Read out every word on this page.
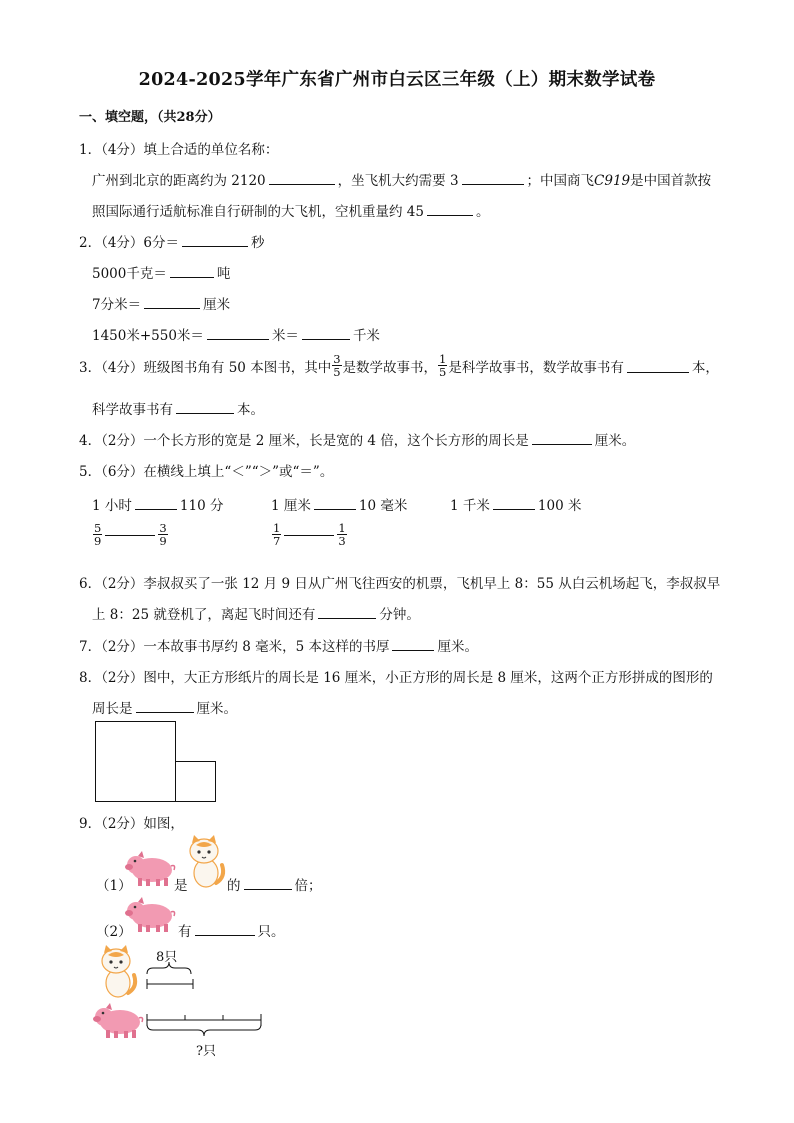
2024-2025学年广东省广州市白云区三年级（上）期末数学试卷
一、填空题，（共28分）
1．（4分）填上合适的单位名称：
广州到北京的距离约为 2120	，坐飞机大约需要 3	；中国商飞C919是中国首款按
照国际通行适航标准自行研制的大飞机，空机重量约 45	。
2．（4分）6分＝	秒
5000千克＝	吨
7分米＝	厘米
1450米+550米＝	米＝	千米
3．（4分）班级图书角有 50 本图书，其中 $\frac{3}{5}$ 是数学故事书， $\frac{1}{5}$ 是科学故事书，数学故事书有	本，
科学故事书有	本。
4．（2分）一个长方形的宽是 2 厘米，长是宽的 4 倍，这个长方形的周长是	厘米。
5．（6分）在横线上填上“＜”“＞”或“＝”。
1 小时	110 分	1 厘米	10 毫米	1 千米	100 米
$\frac{5}{9}$	$\frac{3}{9}$	$\frac{1}{7}$	$\frac{1}{3}$
6．（2分）李叔叔买了一张 12 月 9 日从广州飞往西安的机票，飞机早上 8：55 从白云机场起飞，李叔叔早
上 8：25 就登机了，离起飞时间还有	分钟。
7．（2分）一本故事书厚约 8 毫米，5 本这样的书厚	厘米。
8．（2分）图中，大正方形纸片的周长是 16 厘米，小正方形的周长是 8 厘米，这两个正方形拼成的图形的
周长是	厘米。
9．（2分）如图，
（1）	是	的	倍；
（2）	有	只。
8只
?只
